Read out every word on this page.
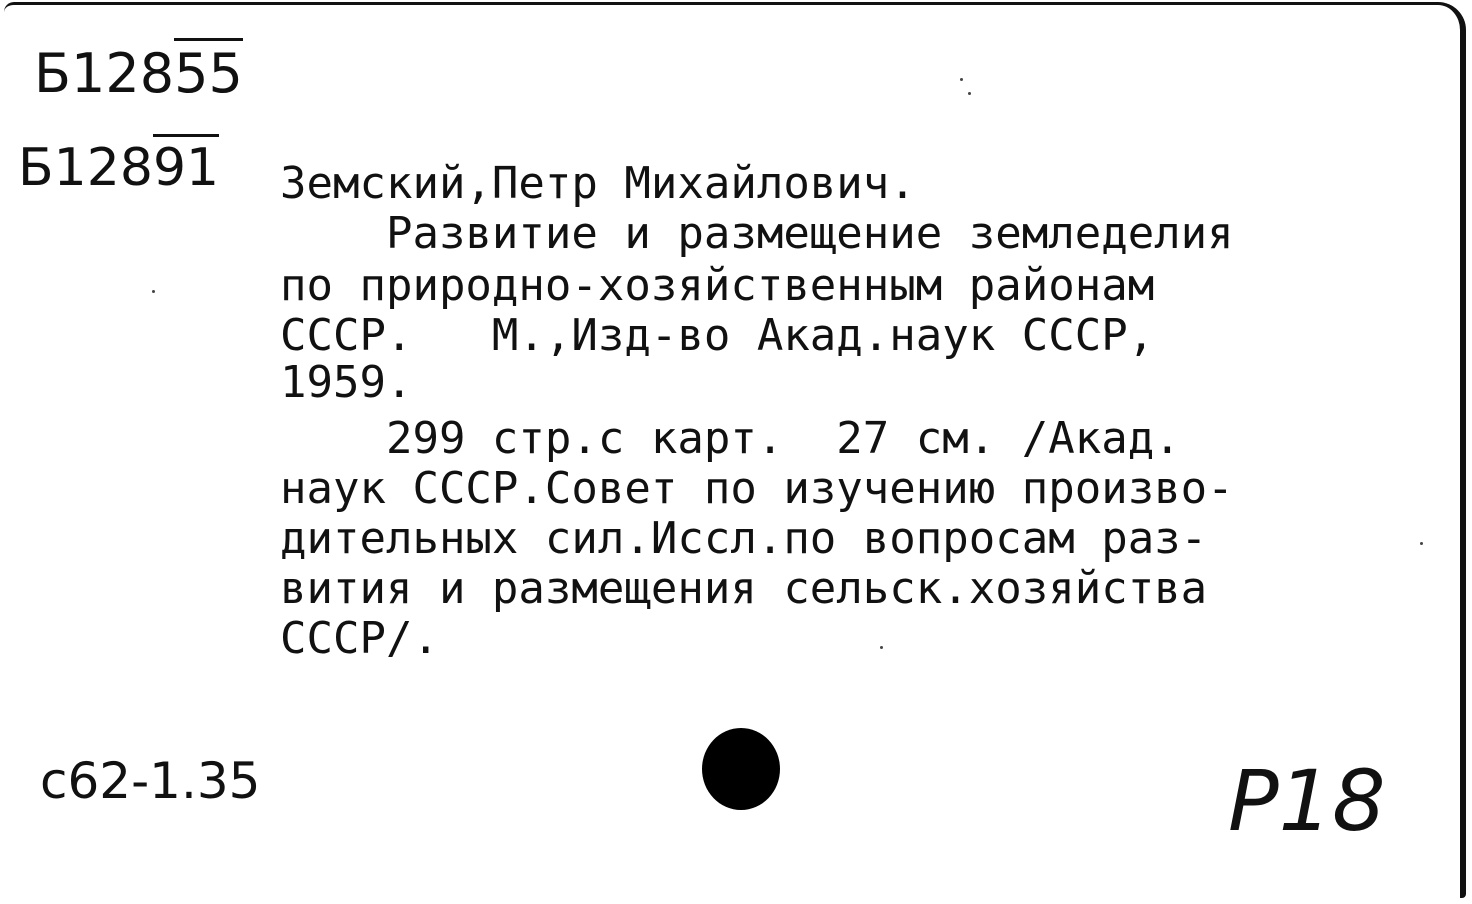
Б12855
Б12891 Земский,Петр Михайлович.
Развитие и размещение земледелия
по природно-хозяйственным районам
СССР.   М.,Изд-во Акад.наук СССР,
1959.
299 стр.с карт.  27 см. /Акад.
наук СССР.Совет по изучению произво-
дительных сил.Иссл.по вопросам раз-
вития и размещения сельск.хозяйства
СССР/.
с62-1.35	Р18
